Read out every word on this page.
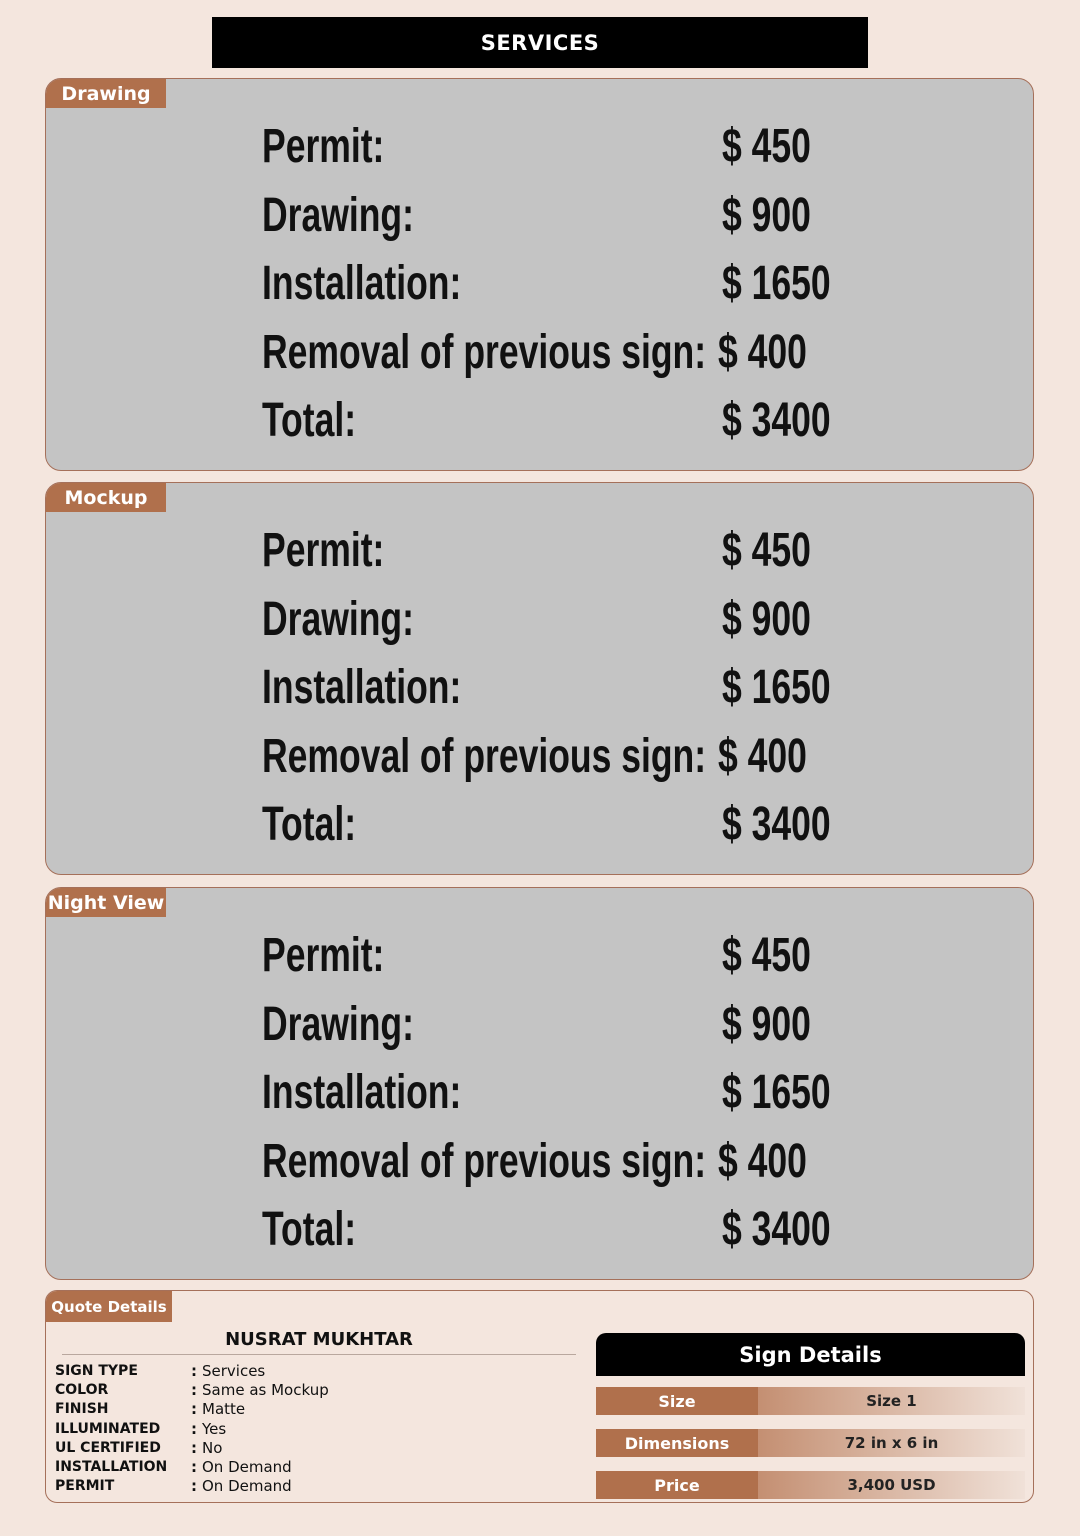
SERVICES
Drawing
Permit:	$ 450
Drawing:	$ 900
Installation:	$ 1650
Removal of previous sign: $ 400
Total:	$ 3400
Mockup
Permit:	$ 450
Drawing:	$ 900
Installation:	$ 1650
Removal of previous sign: $ 400
Total:	$ 3400
Night View
Permit:	$ 450
Drawing:	$ 900
Installation:	$ 1650
Removal of previous sign: $ 400
Total:	$ 3400
Quote Details
NUSRAT MUKHTAR
SIGN TYPE	: Services
COLOR	: Same as Mockup
FINISH	: Matte
ILLUMINATED : Yes
UL CERTIFIED : No
INSTALLATION : On Demand
PERMIT	: On Demand
Sign Details
Size	Size 1
Dimensions	72 in x 6 in
Price	3,400 USD
